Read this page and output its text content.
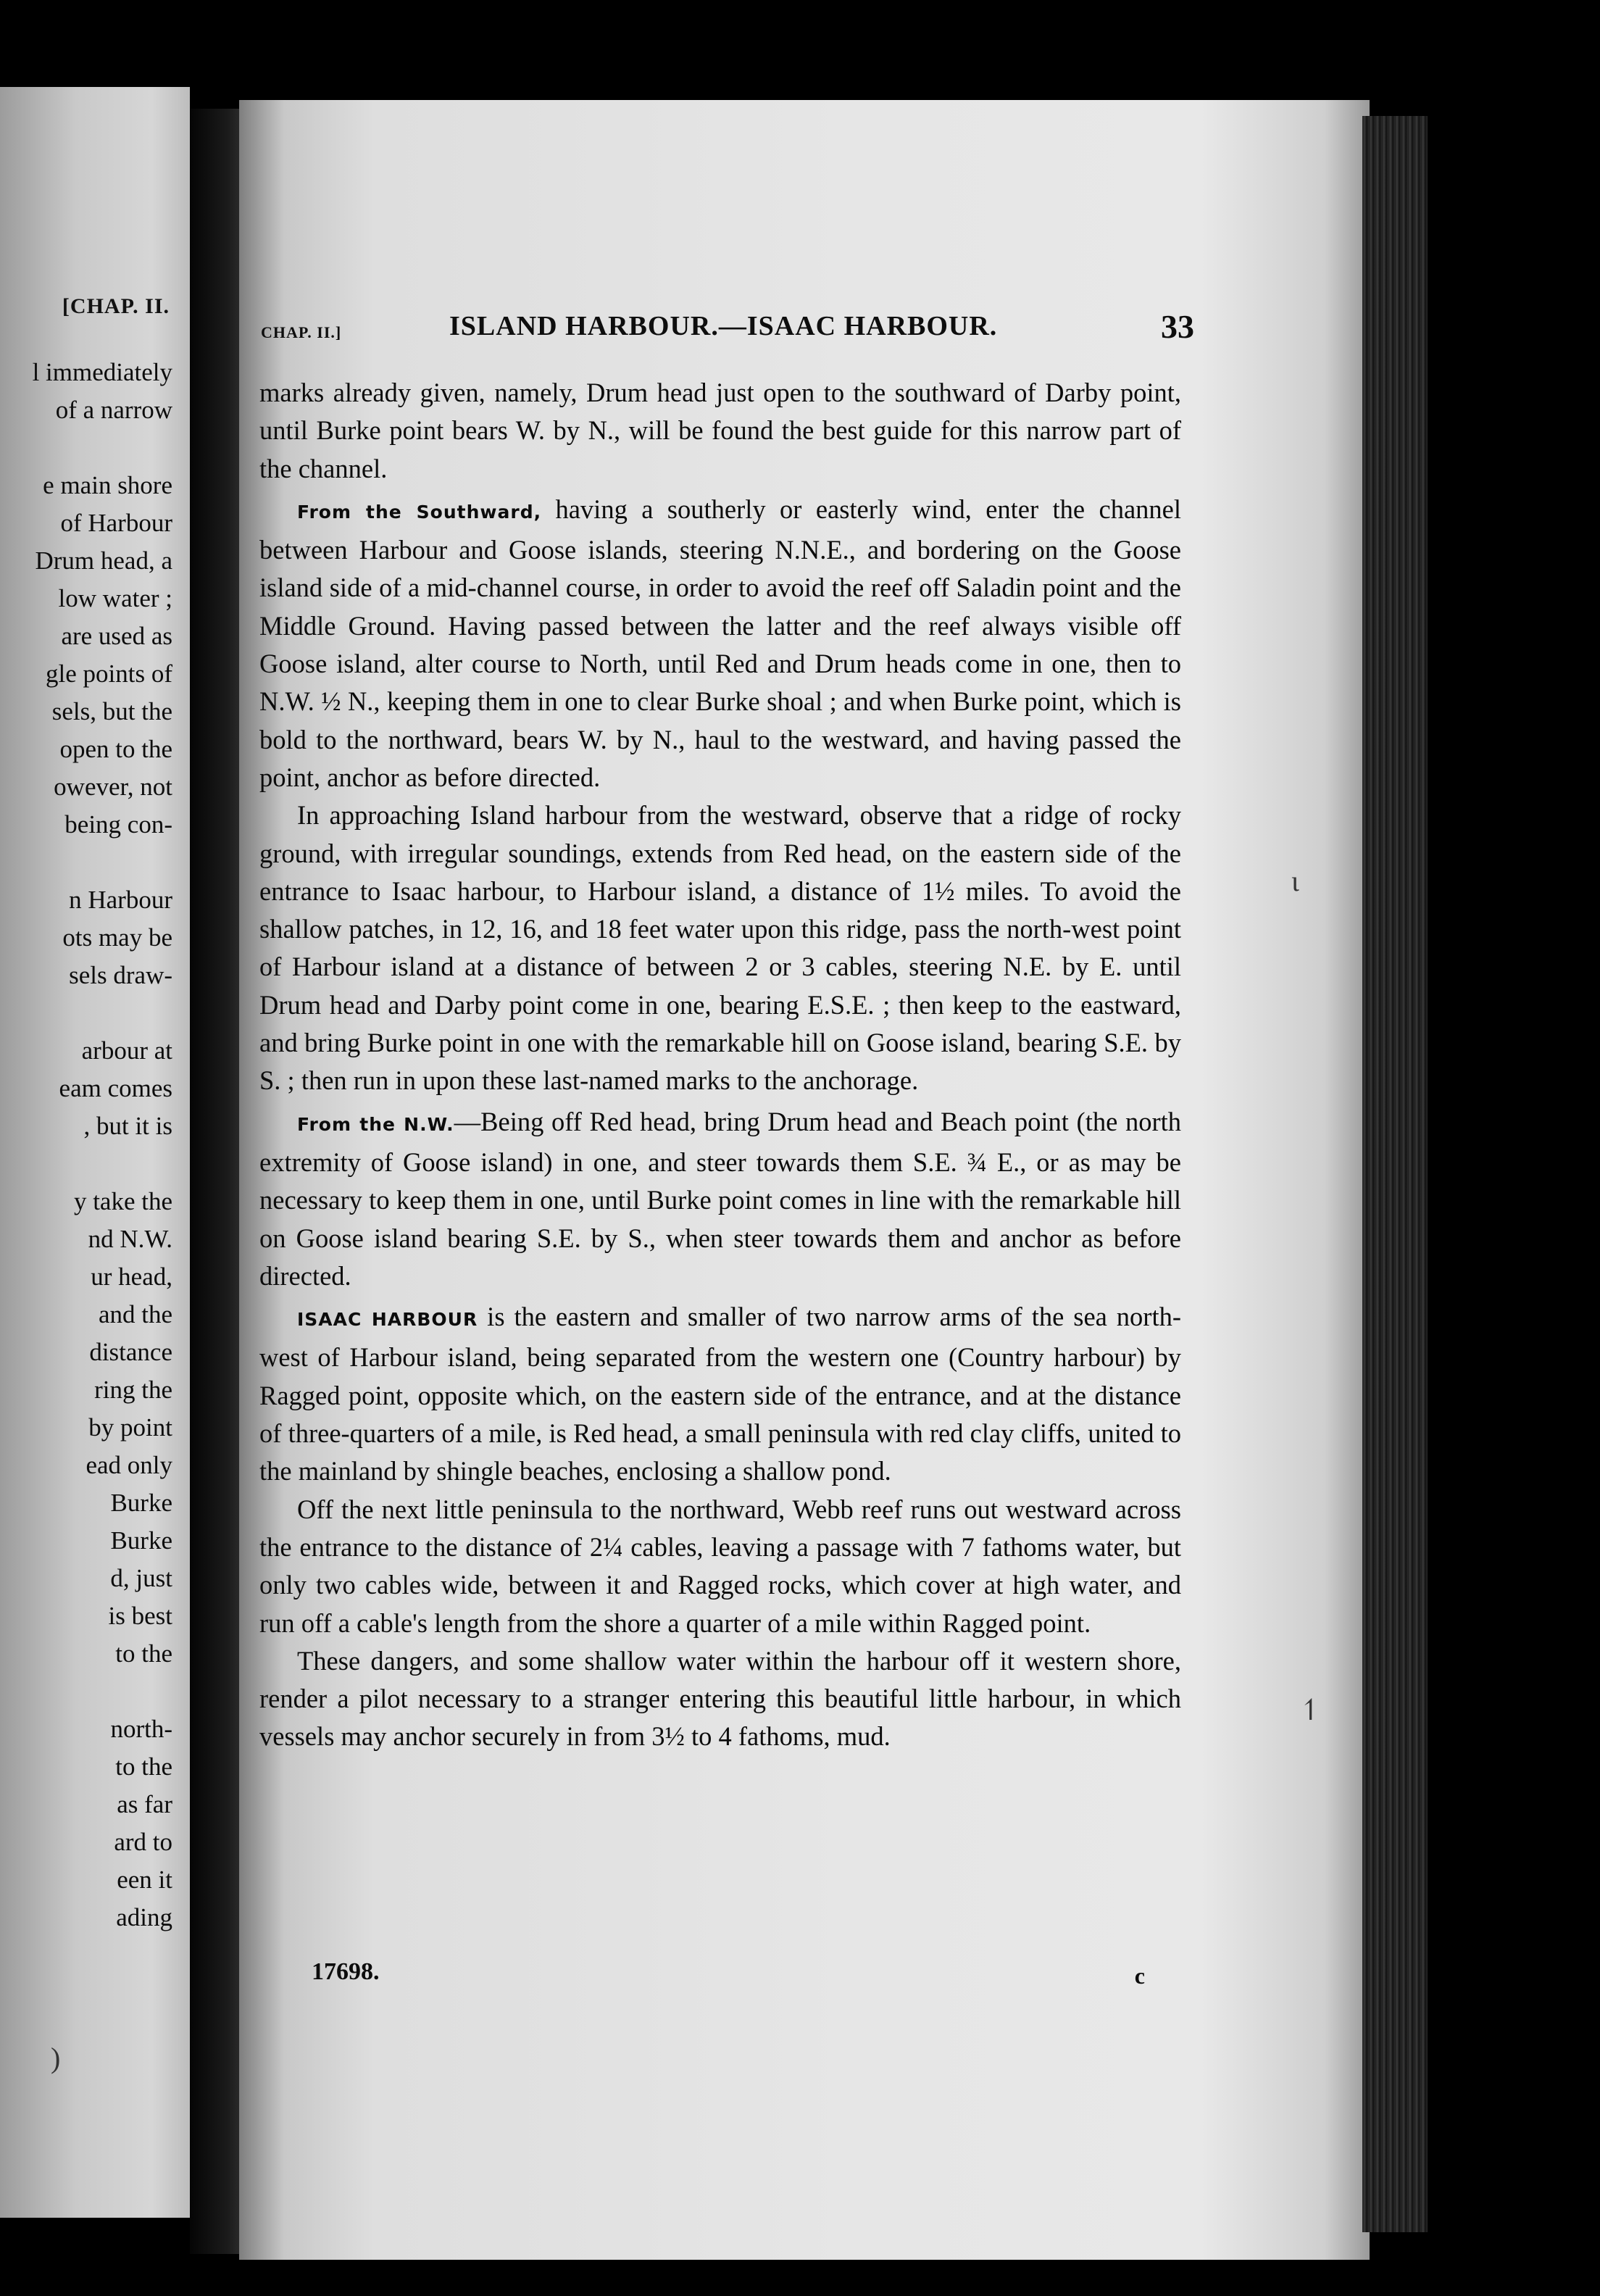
[CHAP. II.
l immediately
of a narrow
e main shore
of Harbour
Drum head, a
low water ;
are used as
gle points of
sels, but the
open to the
owever, not
being con-
n Harbour
ots may be
sels draw-
arbour at
eam comes
, but it is
y take the
nd N.W.
ur head,
and the
distance
ring the
by point
ead only
Burke
Burke
d, just
is best
to the
north-
to the
as far
ard to
een it
ading
CHAP. II.]	ISLAND HARBOUR.—ISAAC HARBOUR.	33

marks already given, namely, Drum head just open to the southward of Darby point, until Burke point bears W. by N., will be found the best guide for this narrow part of the channel.

From the Southward, having a southerly or easterly wind, enter the channel between Harbour and Goose islands, steering N.N.E., and bordering on the Goose island side of a mid-channel course, in order to avoid the reef off Saladin point and the Middle Ground. Having passed between the latter and the reef always visible off Goose island, alter course to North, until Red and Drum heads come in one, then to N.W. ½ N., keeping them in one to clear Burke shoal ; and when Burke point, which is bold to the northward, bears W. by N., haul to the westward, and having passed the point, anchor as before directed.

In approaching Island harbour from the westward, observe that a ridge of rocky ground, with irregular soundings, extends from Red head, on the eastern side of the entrance to Isaac harbour, to Harbour island, a distance of 1½ miles. To avoid the shallow patches, in 12, 16, and 18 feet water upon this ridge, pass the north-west point of Harbour island at a distance of between 2 or 3 cables, steering N.E. by E. until Drum head and Darby point come in one, bearing E.S.E. ; then keep to the eastward, and bring Burke point in one with the remarkable hill on Goose island, bearing S.E. by S. ; then run in upon these last-named marks to the anchorage.

From the N.W.—Being off Red head, bring Drum head and Beach point (the north extremity of Goose island) in one, and steer towards them S.E. ¾ E., or as may be necessary to keep them in one, until Burke point comes in line with the remarkable hill on Goose island bearing S.E. by S., when steer towards them and anchor as before directed.

ISAAC HARBOUR is the eastern and smaller of two narrow arms of the sea north-west of Harbour island, being separated from the western one (Country harbour) by Ragged point, opposite which, on the eastern side of the entrance, and at the distance of three-quarters of a mile, is Red head, a small peninsula with red clay cliffs, united to the mainland by shingle beaches, enclosing a shallow pond.

Off the next little peninsula to the northward, Webb reef runs out westward across the entrance to the distance of 2¼ cables, leaving a passage with 7 fathoms water, but only two cables wide, between it and Ragged rocks, which cover at high water, and run off a cable's length from the shore a quarter of a mile within Ragged point.

These dangers, and some shallow water within the harbour off it western shore, render a pilot necessary to a stranger entering this beautiful little harbour, in which vessels may anchor securely in from 3½ to 4 fathoms, mud.

17698.	c
ɩ
↿
)
